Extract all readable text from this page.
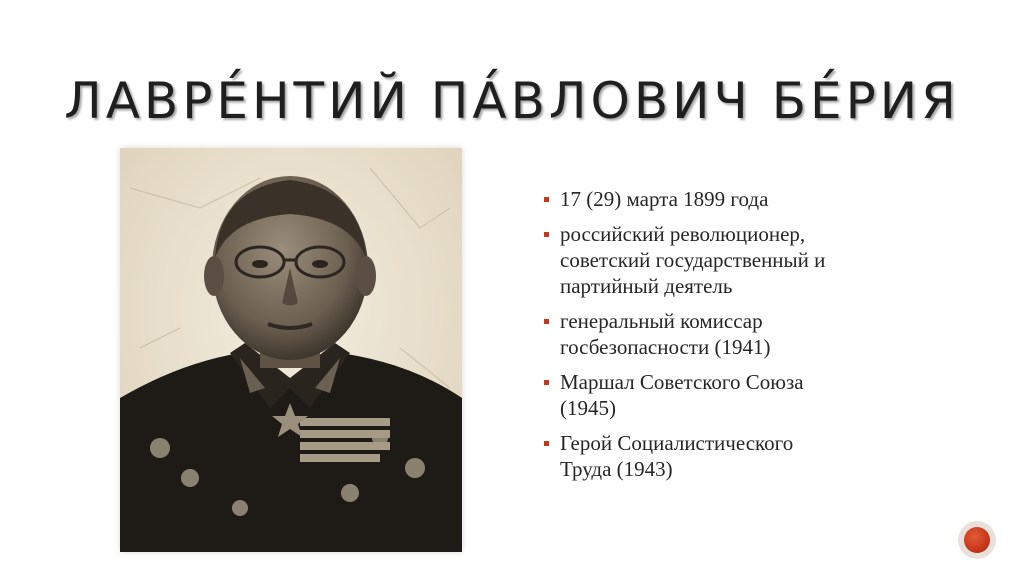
ЛАВРЕ́НТИЙ ПА́ВЛОВИЧ БЕ́РИЯ
17 (29) марта 1899 года
российский революционер,
советский государственный и
партийный деятель
генеральный комиссар
госбезопасности (1941)
Маршал Советского Союза
(1945)
Герой Социалистического
Труда (1943)
